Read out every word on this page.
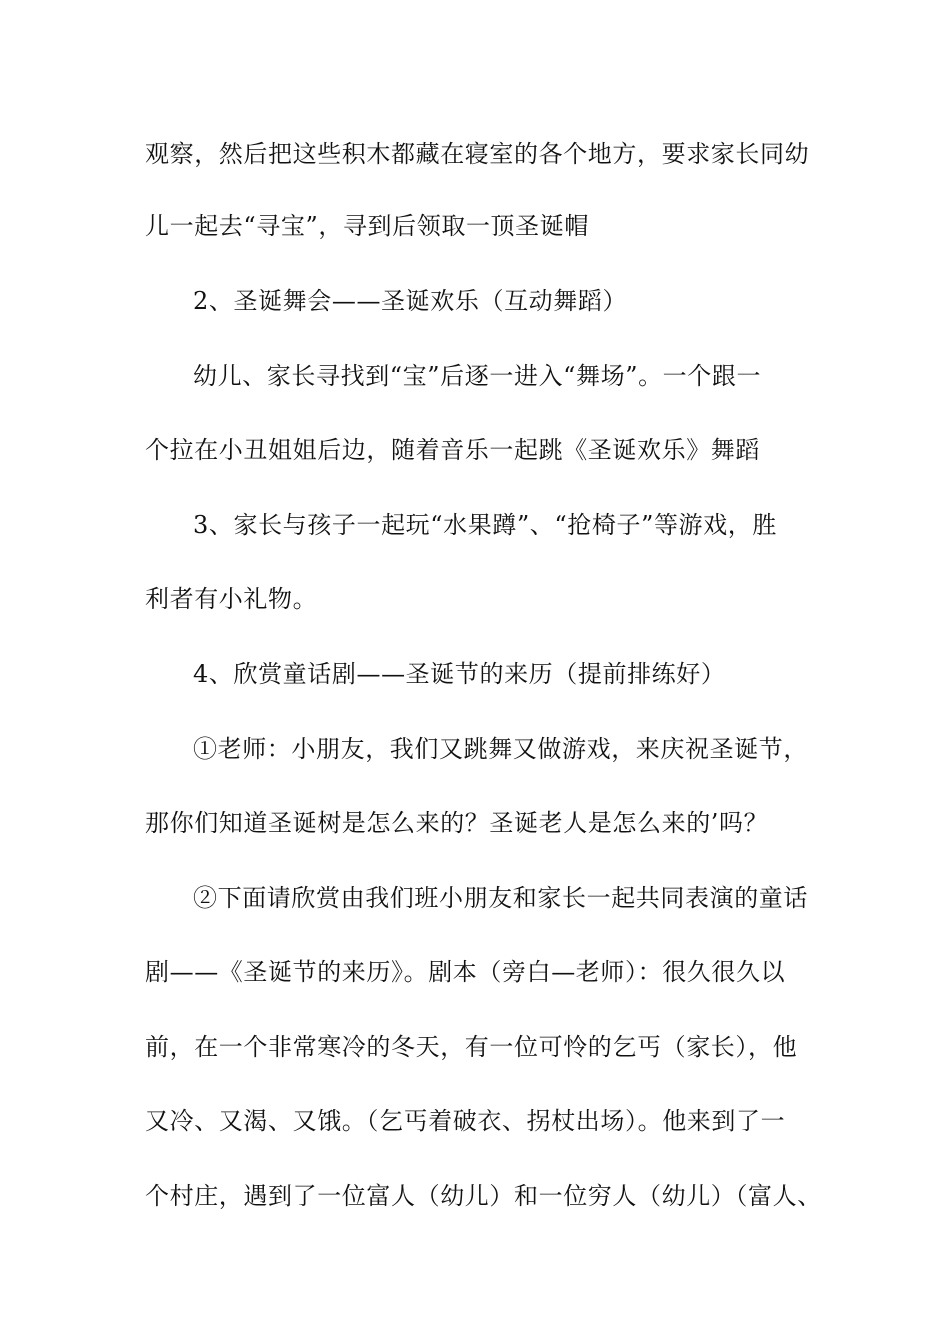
观察，然后把这些积木都藏在寝室的各个地方，要求家长同幼
儿一起去“寻宝”，寻到后领取一顶圣诞帽
2、圣诞舞会——圣诞欢乐（互动舞蹈）
幼儿、家长寻找到“宝”后逐一进入“舞场”。一个跟一
个拉在小丑姐姐后边，随着音乐一起跳《圣诞欢乐》舞蹈
3、家长与孩子一起玩“水果蹲”、“抢椅子”等游戏，胜
利者有小礼物。
4、欣赏童话剧——圣诞节的来历（提前排练好）
①老师：小朋友，我们又跳舞又做游戏，来庆祝圣诞节，
那你们知道圣诞树是怎么来的？圣诞老人是怎么来的’吗？
②下面请欣赏由我们班小朋友和家长一起共同表演的童话
剧——《圣诞节的来历》。剧本（旁白—老师）：很久很久以
前，在一个非常寒冷的冬天，有一位可怜的乞丐（家长），他
又冷、又渴、又饿。（乞丐着破衣、拐杖出场）。他来到了一
个村庄，遇到了一位富人（幼儿）和一位穷人（幼儿）（富人、
